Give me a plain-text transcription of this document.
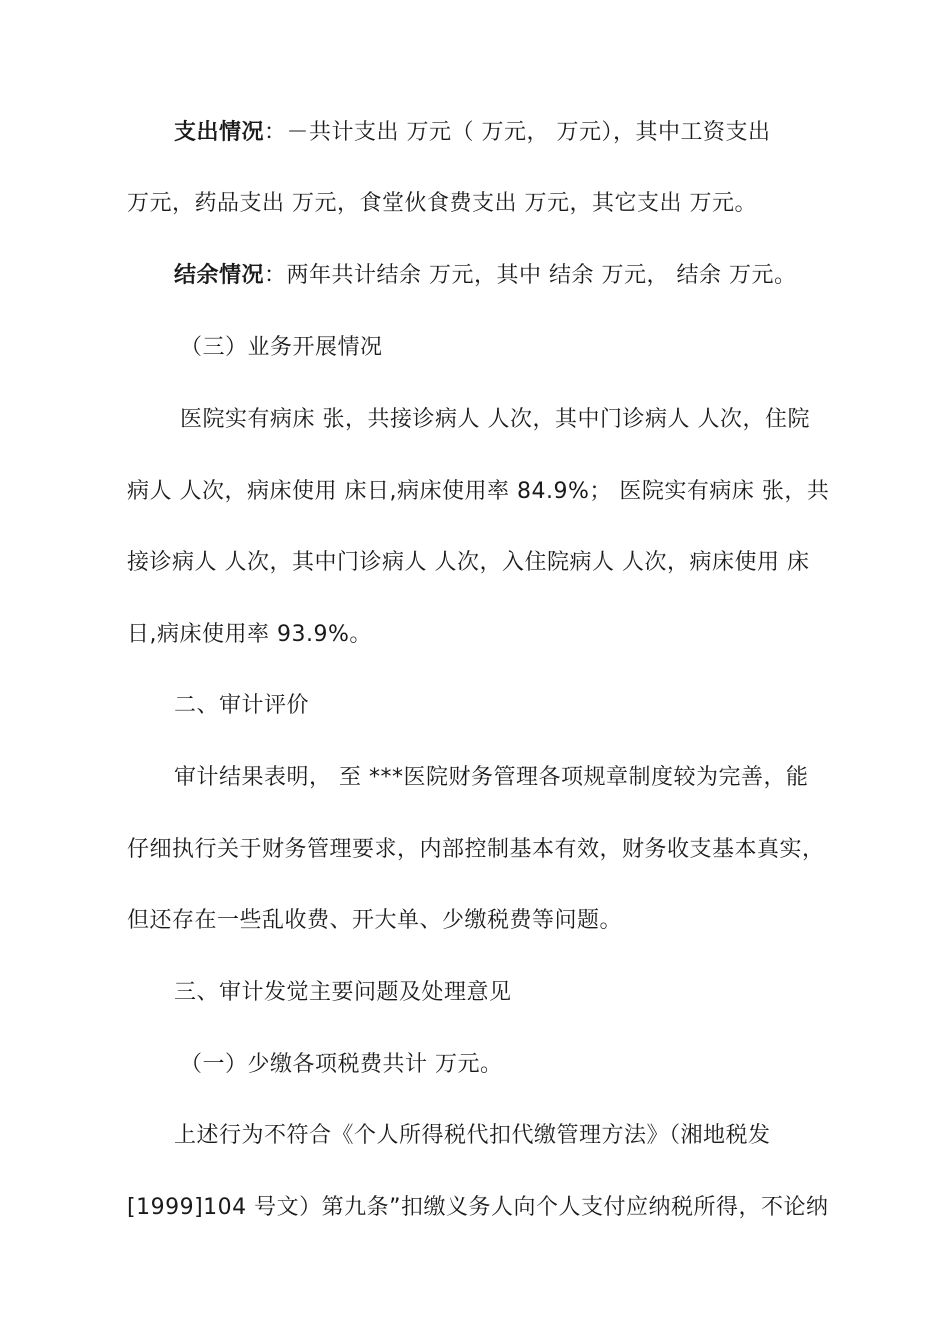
支出情况：－共计支出 万元（ 万元， 万元），其中工资支出
万元，药品支出 万元，食堂伙食费支出 万元，其它支出 万元。
结余情况：两年共计结余 万元，其中 结余 万元， 结余 万元。
（三）业务开展情况
医院实有病床 张，共接诊病人 人次，其中门诊病人 人次，住院
病人 人次，病床使用 床日,病床使用率 84.9%； 医院实有病床 张，共
接诊病人 人次，其中门诊病人 人次，入住院病人 人次，病床使用 床
日,病床使用率 93.9%。
二、审计评价
审计结果表明， 至 ***医院财务管理各项规章制度较为完善，能
仔细执行关于财务管理要求，内部控制基本有效，财务收支基本真实，
但还存在一些乱收费、开大单、少缴税费等问题。
三、审计发觉主要问题及处理意见
（一）少缴各项税费共计 万元。
上述行为不符合《个人所得税代扣代缴管理方法》（湘地税发
[1999]104 号文）第九条”扣缴义务人向个人支付应纳税所得，不论纳
